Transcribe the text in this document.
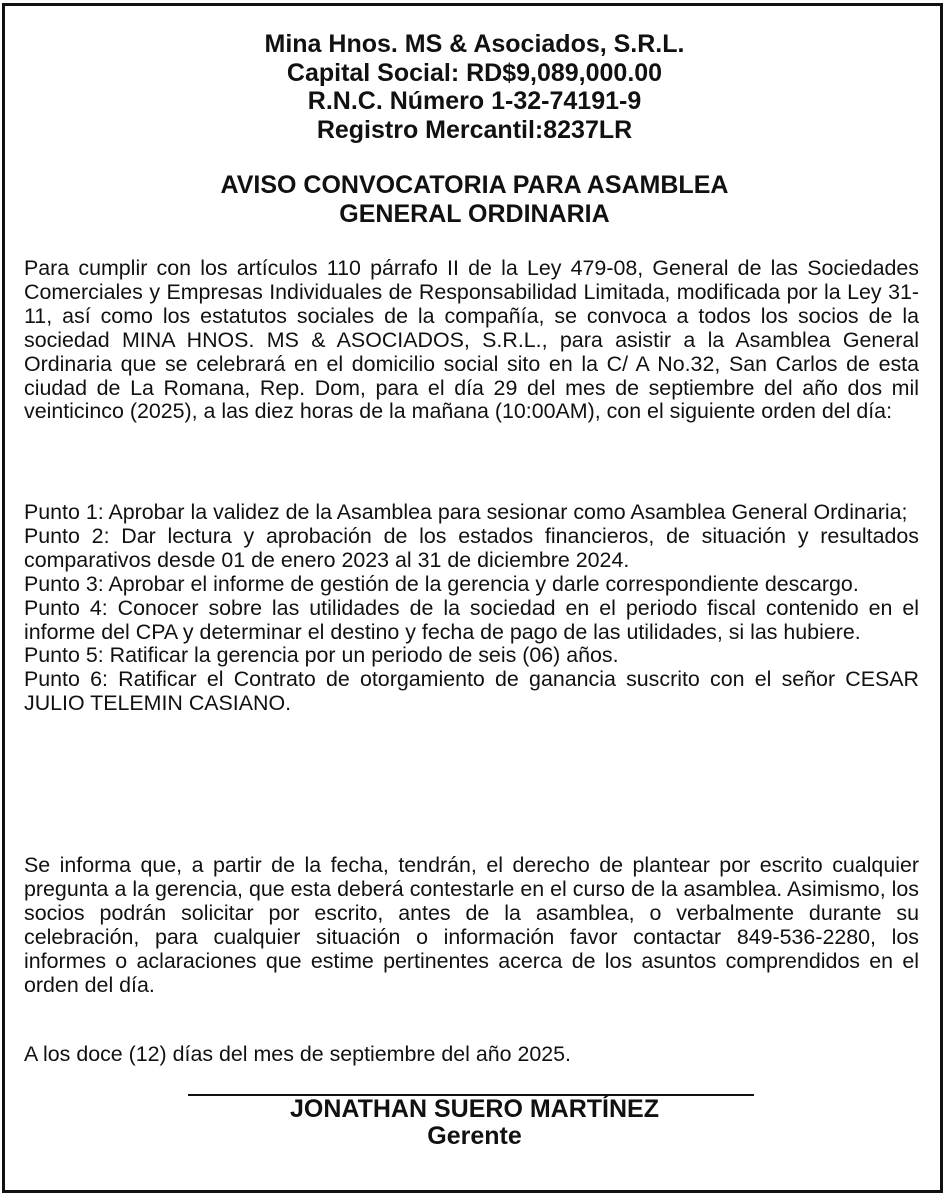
Mina Hnos. MS & Asociados, S.R.L.
Capital Social: RD$9,089,000.00
R.N.C. Número 1-32-74191-9
Registro Mercantil:8237LR
AVISO CONVOCATORIA PARA ASAMBLEA
GENERAL ORDINARIA

Para cumplir con los artículos 110 párrafo II de la Ley 479-08, General de las Sociedades Comerciales y Empresas Individuales de Responsabilidad Limitada, modificada por la Ley 31-11, así como los estatutos sociales de la compañía, se convoca a todos los socios de la sociedad MINA HNOS. MS & ASOCIADOS, S.R.L., para asistir a la Asamblea General Ordinaria que se celebrará en el domicilio social sito en la C/ A No.32, San Carlos de esta ciudad de La Romana, Rep. Dom, para el día 29 del mes de septiembre del año dos mil veinticinco (2025), a las diez horas de la mañana (10:00AM), con el siguiente orden del día:

Punto 1: Aprobar la validez de la Asamblea para sesionar como Asamblea General Ordinaria;

Punto 2: Dar lectura y aprobación de los estados financieros, de situación y resultados comparativos desde 01 de enero 2023 al 31 de diciembre 2024.

Punto 3: Aprobar el informe de gestión de la gerencia y darle correspondiente descargo.

Punto 4: Conocer sobre las utilidades de la sociedad en el periodo fiscal contenido en el informe del CPA y determinar el destino y fecha de pago de las utilidades, si las hubiere.

Punto 5: Ratificar la gerencia por un periodo de seis (06) años.

Punto 6: Ratificar el Contrato de otorgamiento de ganancia suscrito con el señor CESAR JULIO TELEMIN CASIANO.

Se informa que, a partir de la fecha, tendrán, el derecho de plantear por escrito cualquier pregunta a la gerencia, que esta deberá contestarle en el curso de la asamblea. Asimismo, los socios podrán solicitar por escrito, antes de la asamblea, o verbalmente durante su celebración, para cualquier situación o información favor contactar 849-536-2280, los informes o aclaraciones que estime pertinentes acerca de los asuntos comprendidos en el orden del día.

A los doce (12) días del mes de septiembre del año 2025.

JONATHAN SUERO MARTÍNEZ
Gerente
